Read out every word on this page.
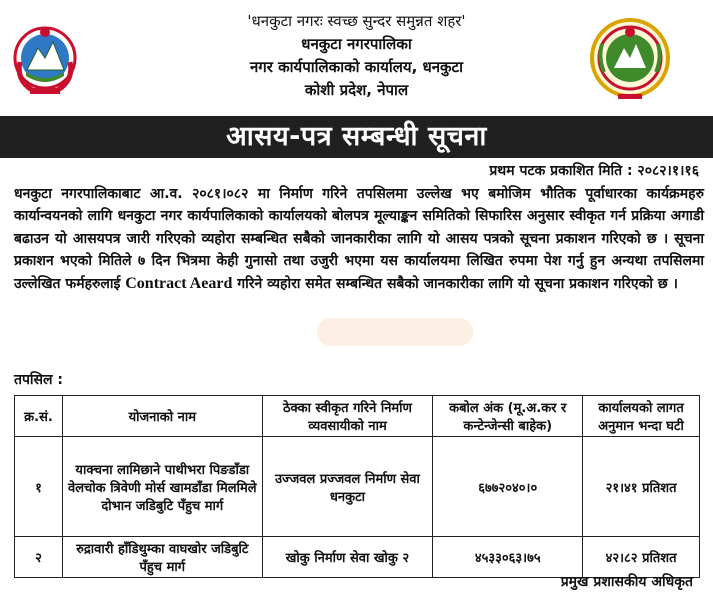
'धनकुटा नगरः स्वच्छ सुन्दर समुन्नत शहर'
धनकुटा नगरपालिका
नगर कार्यपालिकाको कार्यालय, धनकुटा
कोशी प्रदेश, नेपाल
आसय-पत्र सम्बन्धी सूचना
प्रथम पटक प्रकाशित मिति : २०८२।१।१६
धनकुटा नगरपालिकाबाट आ.व. २०८१।०८२ मा निर्माण गरिने तपसिलमा उल्लेख भए बमोजिम भौतिक पूर्वाधारका कार्यक्रमहरु कार्यान्वयनको लागि धनकुटा नगर कार्यपालिकाको कार्यालयको बोलपत्र मूल्याङ्कन समितिको सिफारिस अनुसार स्वीकृत गर्न प्रक्रिया अगाडी बढाउन यो आसयपत्र जारी गरिएको व्यहोरा सम्बन्धित सबैको जानकारीका लागि यो आसय पत्रको सूचना प्रकाशन गरिएको छ । सूचना प्रकाशन भएको मितिले ७ दिन भित्रमा केही गुनासो तथा उजुरी भएमा यस कार्यालयमा लिखित रुपमा पेश गर्नु हुन अन्यथा तपसिलमा उल्लेखित फर्महरुलाई Contract Aeard गरिने व्यहोरा समेत सम्बन्धित सबैको जानकारीका लागि यो सूचना प्रकाशन गरिएको छ ।
तपसिल :
क्र.सं.	योजनाको नाम	ठेक्का स्वीकृत गरिने निर्माण व्यवसायीको नाम	कबोल अंक (मू.अ.कर र कन्टेन्जेन्सी बाहेक)	कार्यालयको लागत अनुमान भन्दा घटी
१	याक्चना लामिछाने पाथीभरा पिङडाँडा वेलचोक त्रिवेणी मोर्स खामडाँडा मिलमिले दोभान जडिबुटि पँहुच मार्ग	उज्जवल प्रज्जवल निर्माण सेवा धनकुटा	६७७२०४०।०	२१।४१ प्रतिशत
२	रुद्रावारी हाँडिथुम्का वाघखोर जडिबुटि पँहुच मार्ग	खोकु निर्माण सेवा खोकु २	४५३३०६३।७५	४२।८२ प्रतिशत
प्रमुख प्रशासकीय अधिकृत
